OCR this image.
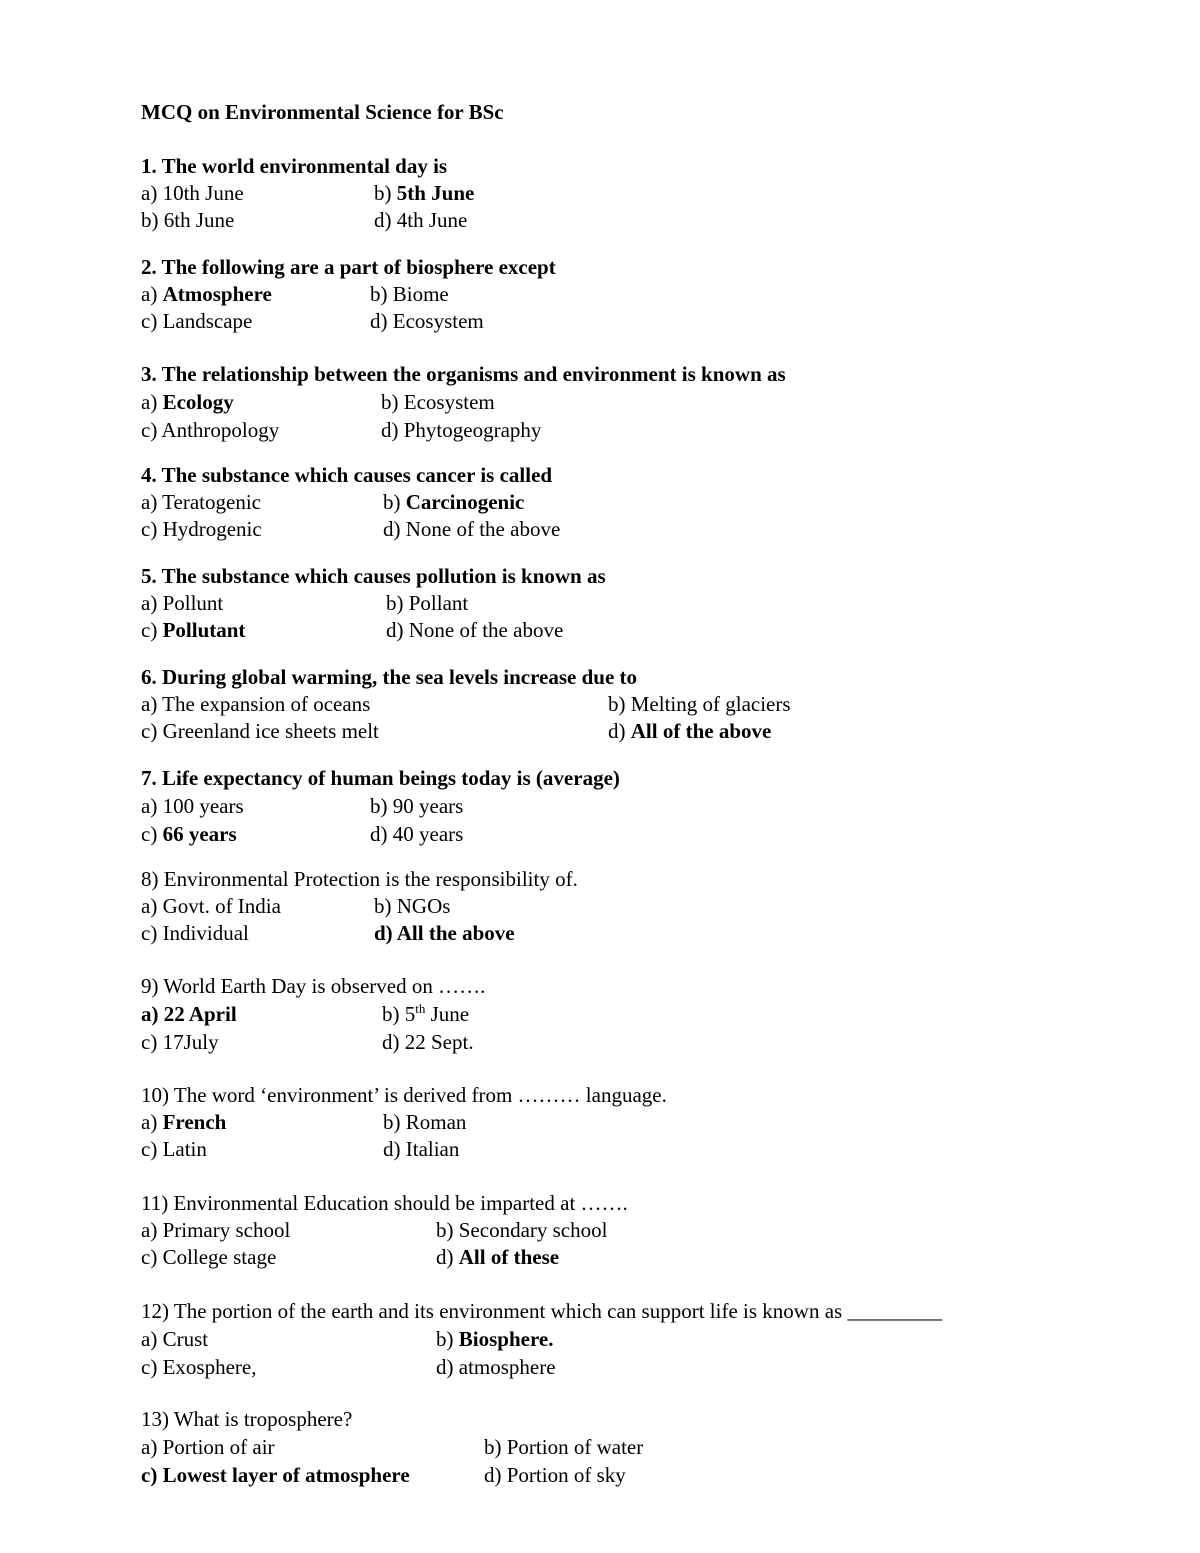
MCQ on Environmental Science for BSc
1. The world environmental day is
a) 10th June	b) 5th June
b) 6th June	d) 4th June
2. The following are a part of biosphere except
a) Atmosphere	b) Biome
c) Landscape	d) Ecosystem
3. The relationship between the organisms and environment is known as
a) Ecology	b) Ecosystem
c) Anthropology	d) Phytogeography
4. The substance which causes cancer is called
a) Teratogenic	b) Carcinogenic
c) Hydrogenic	d) None of the above
5. The substance which causes pollution is known as
a) Pollunt	b) Pollant
c) Pollutant	d) None of the above
6. During global warming, the sea levels increase due to
a) The expansion of oceans	b) Melting of glaciers
c) Greenland ice sheets melt	d) All of the above
7. Life expectancy of human beings today is (average)
a) 100 years	b) 90 years
c) 66 years	d) 40 years
8) Environmental Protection is the responsibility of.
a) Govt. of India	b) NGOs
c) Individual	d) All the above
9) World Earth Day is observed on …….
a) 22 April	b) 5th June
c) 17July	d) 22 Sept.
10) The word ‘environment’ is derived from ……… language.
a) French	b) Roman
c) Latin	d) Italian
11) Environmental Education should be imparted at …….
a) Primary school	b) Secondary school
c) College stage	d) All of these
12) The portion of the earth and its environment which can support life is known as _________
a) Crust	b) Biosphere.
c) Exosphere,	d) atmosphere
13) What is troposphere?
a) Portion of air	b) Portion of water
c) Lowest layer of atmosphere	d) Portion of sky
